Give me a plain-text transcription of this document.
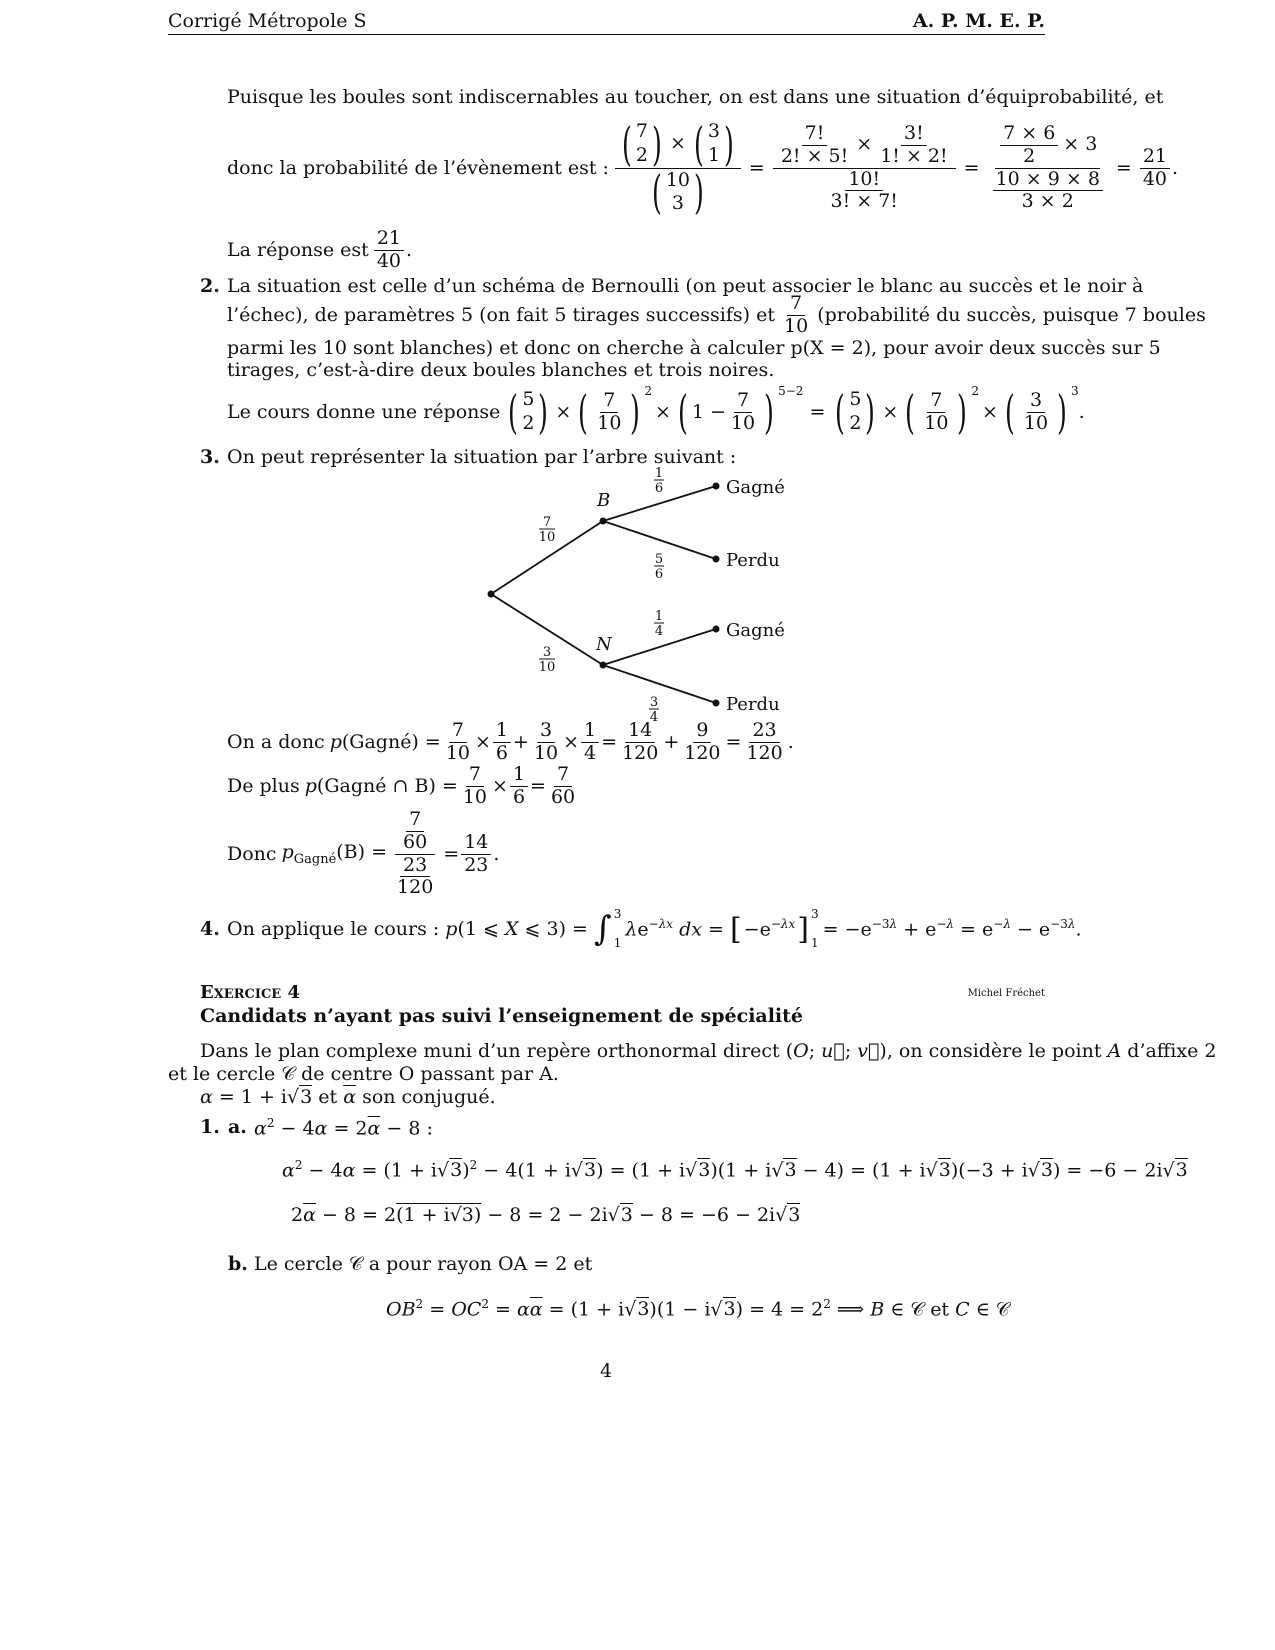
Corrigé Métropole S	A. P. M. E. P.
Puisque les boules sont indiscernables au toucher, on est dans une situation d’équiprobabilité, et
donc la probabilité de l’évènement est : ( 7
2 ) × ( 3
1 )
( 10
3 ) = $\frac{\frac{7!}{2! \times 5!} \times \frac{3!}{1! \times 2!}}{\frac{10!}{3! \times 7!}} = \frac{\frac{7 \times 6}{2} \times 3}{\frac{10 \times 9 \times 8}{3 \times 2}} = \frac{21}{40}$ .
La réponse est $\frac{21}{40}$ .
2. La situation est celle d’un schéma de Bernoulli (on peut associer le blanc au succès et le noir à
l’échec), de paramètres 5 (on fait 5 tirages successifs) et $\frac{7}{10}$ (probabilité du succès, puisque 7 boules
parmi les 10 sont blanches) et donc on cherche à calculer p(X = 2), pour avoir deux succès sur 5
tirages, c’est-à-dire deux boules blanches et trois noires.
Le cours donne une réponse ( 5
2 ) × ( $\frac{7}{10}$ ) $^2$
× ( $1 - \frac{7}{10}$ ) $^{5-2}$
= ( 5
2 ) × ( $\frac{7}{10}$ ) $^2$
× ( $\frac{3}{10}$ ) $^3$
.
3. On peut représenter la situation par l’arbre suivant :
B
N
Gagné
Perdu
Gagné
Perdu
7
10
3
10
1
6
5
6
1
4
3
4
On a donc p(Gagné) = $\frac{7}{10} \times \frac{1}{6} + \frac{3}{10} \times \frac{1}{4} = \frac{14}{120} + \frac{9}{120} = \frac{23}{120}$ .
De plus p(Gagné ∩ $B) = \frac{7}{10} \times \frac{1}{6} = \frac{7}{60}$
Donc $p_{Gagné}(B) = \frac{\frac{7}{60}}{\frac{23}{120}} = \frac{14}{23}$ .
4. On applique le cours : p(1 ⩽ X ⩽ 3) = ∫ 3
1
$\lambda e^{-\lambda x}$ dx = [ $-e^{-\lambda x}$ ] 3
1
= $-e^{-3\lambda} + e^{-\lambda} = e^{-\lambda} - e^{-3\lambda}$.
Exercice 4	Michel Fréchet
Candidats n’ayant pas suivi l’enseignement de spécialité
Dans le plan complexe muni d’un repère orthonormal direct (O; u⃗; v⃗), on considère le point A d’affixe 2
et le cercle 𝒞 de centre O passant par A.
α = 1 + i√3 et $\overline{\alpha}$ son conjugué.
1. a. $\alpha^2 - 4\alpha = 2\overline{\alpha} - 8$ :
$\alpha^2 - 4\alpha = (1 + i√3)^2 - 4(1 + i√3) = (1 + i√3)(1 + i√3 - 4) = (1 + i√3)(-3 + i√3) = -6 - 2i√3$
$2\overline{\alpha} - 8 = 2(1 + i√3) - 8 = 2 - 2i√3 - 8 = -6 - 2i√3$
b. Le cercle 𝒞 a pour rayon OA = 2 et
$OB^2 = OC^2 = \alpha\overline{\alpha} = (1 + i√3)(1 - i√3) = 4 = 2^2$ ⟹ B ∈ 𝒞 et C ∈ 𝒞
4
